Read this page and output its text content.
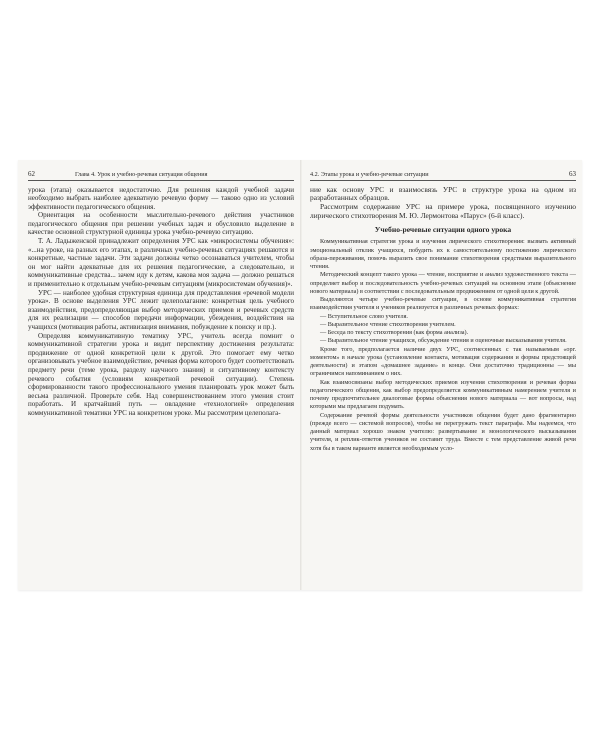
62	Глава 4. Урок и учебно-речевая ситуация общения

урока (этапа) оказывается недостаточно. Для решения каждой учебной задачи необходимо выбрать наиболее адекватную речевую форму — таково одно из условий эффективности педагогического общения.

Ориентация на особенности мыслительно-речевого действия участников педагогического общения при решении учебных задач и обусловило выделение в качестве основной структурной единицы урока учебно-речевую ситуацию.

Т. А. Ладыженской принадлежит определения УРС как «микросистемы обучения»: «...на уроке, на разных его этапах, в различных учебно-речевых ситуациях решаются и конкретные, частные задачи. Эти задачи должны четко осознаваться учителем, чтобы он мог найти адекватные для их решения педагогические, а следовательно, и коммуникативные средства... зачем иду к детям, какова моя задача — должно решаться и применительно к отдельным учебно-речевым ситуациям (микросистемам обучения)».

УРС — наиболее удобная структурная единица для представления «речевой модели урока». В основе выделения УРС лежит целеполагание: конкретная цель учебного взаимодействия, предопределяющая выбор методических приемов и речевых средств для их реализации — способов передачи информации, убеждения, воздействия на учащихся (мотивация работы, активизация внимания, побуждение к поиску и пр.).

Определяя коммуникативную тематику УРС, учитель всегда помнит о коммуникативной стратегии урока и видит перспективу достижения результата: продвижение от одной конкретной цели к другой. Это помогает ему четко организовывать учебное взаимодействие, речевая форма которого будет соответствовать предмету речи (теме урока, разделу научного знания) и ситуативному контексту речевого события (условиям конкретной речевой ситуации). Степень сформированности такого профессионального умения планировать урок может быть весьма различной. Проверьте себя. Над совершенствованием этого умения стоит поработать. И кратчайший путь — овладение «технологией» определения коммуникативной тематики УРС на конкретном уроке. Мы рассмотрим целеполага-

4.2. Этапы урока и учебно-речевые ситуации	63

ние как основу УРС и взаимосвязь УРС в структуре урока на одном из разработанных образцов.

Рассмотрим содержание УРС на примере урока, посвященного изучению лирического стихотворения М. Ю. Лермонтова «Парус» (6-й класс).

Учебно-речевые ситуации одного урока

Коммуникативная стратегия урока и изучения лирического стихотворения: вызвать активный эмоциональный отклик учащихся, побудить их к самостоятельному постижению лирического образа-переживания, помочь выразить свое понимание стихотворения средствами выразительного чтения.

Методический концепт такого урока — чтение, восприятие и анализ художественного текста — определяет выбор и последовательность учебно-речевых ситуаций на основном этапе (объяснение нового материала) в соответствии с последовательным продвижением от одной цели к другой.

Выделяются четыре учебно-речевые ситуации, в основе коммуникативная стратегия взаимодействия учителя и учеников реализуется в различных речевых формах:

— Вступительное слово учителя.

— Выразительное чтение стихотворения учителем.

— Беседа по тексту стихотворения (как форма анализа).

— Выразительное чтение учащихся, обсуждение чтения и оценочные высказывания учителя.

Кроме того, предполагается наличие двух УРС, соотнесенных с так называемым «орг. моментом» в начале урока (установление контакта, мотивация содержания и формы предстоящей деятельности) и этапом «домашнее задание» в конце. Они достаточно традиционны — мы ограничимся напоминанием о них.

Как взаимосвязаны выбор методических приемов изучения стихотворения и речевая форма педагогического общения, как выбор предопределяется коммуникативным намерением учителя и почему предпочтительнее диалоговые формы объяснения нового материала — вот вопросы, над которыми мы предлагаем подумать.

Содержание речевой формы деятельности участников общения будет дано фрагментарно (прежде всего — системой вопросов), чтобы не перегружать текст параграфа. Мы надеемся, что данный материал хорошо знаком учителю: развертывание и монологического высказывания учителя, и реплик-ответов учеников не составит труда. Вместе с тем представление живой речи хотя бы в таком варианте является необходимым усло-
